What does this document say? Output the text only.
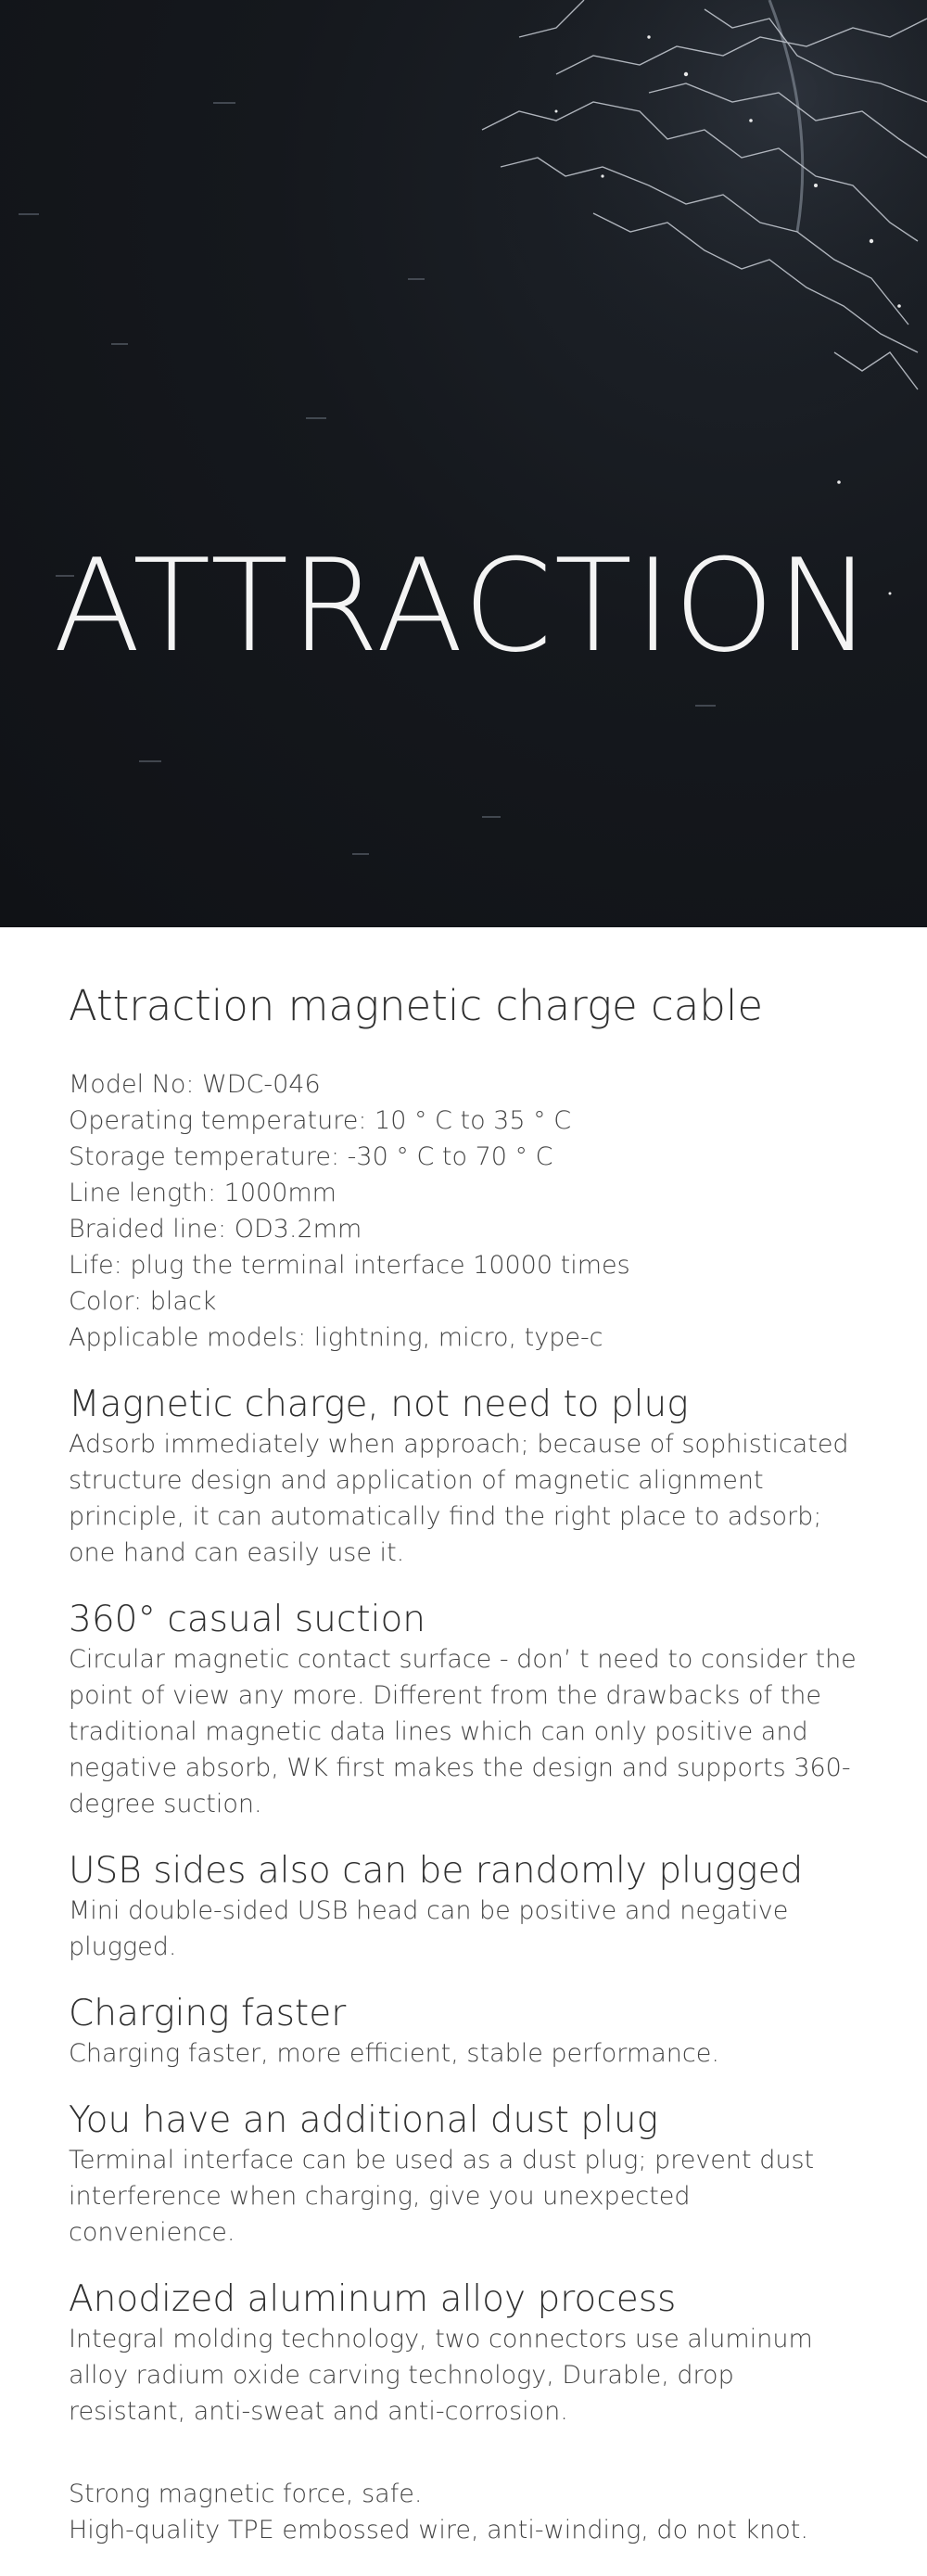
ATTRACTION
Attraction magnetic charge cable
Model No: WDC-046
Operating temperature: 10 ° C to 35 ° C
Storage temperature: -30 ° C to 70 ° C
Line length: 1000mm
Braided line: OD3.2mm
Life: plug the terminal interface 10000 times
Color: black
Applicable models: lightning, micro, type-c
Magnetic charge, not need to plug
Adsorb immediately when approach; because of sophisticated structure design and application of magnetic alignment principle, it can automatically find the right place to adsorb; one hand can easily use it.
360° casual suction
Circular magnetic contact surface - don’ t need to consider the point of view any more. Different from the drawbacks of the traditional magnetic data lines which can only positive and negative absorb, WK first makes the design and supports 360-degree suction.
USB sides also can be randomly plugged
Mini double-sided USB head can be positive and negative plugged.
Charging faster
Charging faster, more efficient, stable performance.
You have an additional dust plug
Terminal interface can be used as a dust plug; prevent dust interference when charging, give you unexpected convenience.
Anodized aluminum alloy process
Integral molding technology, two connectors use aluminum alloy radium oxide carving technology, Durable, drop resistant, anti-sweat and anti-corrosion.
Strong magnetic force, safe.
High-quality TPE embossed wire, anti-winding, do not knot.
